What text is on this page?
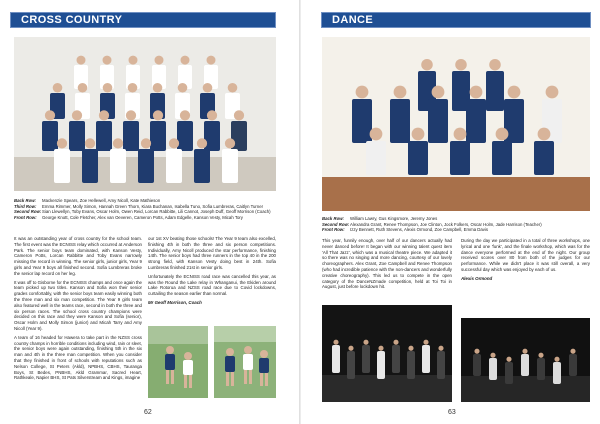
CROSS COUNTRY
Back Row:	Mackenzie Spears, Zoe Hellewell, Amy Nicoll, Kate Mathieson
Third Row:	Emma Rimmer, Molly Simon, Hannah Green Thorn, Kiara Buchanan, Isabella Tuno, Sofia Lumbreras, Caitlyn Turner
Second Row: Sian Llewellyn, Toby Evans, Oscar Holm, Owen Reid, Lorcan Rabbitte, Lili Cannot, Joseph Duff, Geoff Morrison (Coach)
Front Row:	George Knott, Cole Fletcher, Alex van Oeveren, Cameron Potts, Adam Edgelle, Kanson Vesty, Micah Tory

It was an outstanding year of cross country for the school team. The first event was the ECNISS relay which occurred at Anderson Park. The senior boys team dominated, with Kanson Vesty, Cameron Potts, Lorcan Rabbitte and Toby Evans narrowly missing the record in winning. The senior girls, junior girls, Year 9 girls and Year 9 boys all finished second. Sofia Lumbreras broke the senior lap record on her leg.

It was off to Gisborne for the ECNISS champs and once again the team picked up two titles. Kanson and Sofia won their senior grades comfortably, with the senior boys team easily winning both the three man and six man competition. The Year 9 girls team also featured well in the teams race, second in both the three and six person races. The school cross country champions were decided on this race and they were Kanson and Sofia (senior), Oscar Holm and Molly Simon (junior) and Micah Tarry and Amy Nicoll (Year 9).

A team of 16 headed for Hawera to take part in the NZSS cross country champs in horrible conditions including wind, rain or sleet, the senior boys were again outstanding, finishing 5th in the six man and 4th in the three man competition. When you consider that they finished in front of schools with reputations such as Nelson College, St Peters (Akld), NPBHS, CBHS, Tauranga Boys, St Bedes, PNBHS, Akld Grammar, Sacred Heart, Rathkeale, Napier BHS, St Pats Silverstream and Kings, imagine

our 1st XV beating those schools! The Year 9 team also excelled, finishing 4th in both the three and six person competitions. Individually, Amy Nicoll produced the star performance, finishing 14th. The senior boys had three runners in the top 40 in the 200 strong field, with Kanson Vesty doing best in 24th. Sofia Lumbreras finished 21st in senior girls.

Unfortunately the ECNISS road race was cancelled this year, as was the Round the Lake relay in Whanganui, the Ekiden around Lake Rotorua and NZSS road race due to Covid lockdowns, curtailing the season earlier than normal.

Mr Geoff Morrison, Coach
62
DANCE
Back Row:	William Lawry, Gus Kingsmore, Jeremy Jones
Second Row: Alexandra Grant, Renee Thompson, Joe Clinton, Jock Folkers, Oscar Holm, Jade Harrison (Teacher)
Front Row:	Izzy Bennett, Ruth Stevens, Alexis Ormond, Zoe Campbell, Emma Davis

This year, funnily enough, over half of our dancers actually had never danced before! It began with our winning talent quest item 'All That Jazz', which was a musical theatre piece. We adapted it so there was no singing and more dancing, courtesy of our lovely choreographers. Alex Grant, Zoe Campbell and Renee Thompson (who had incredible patience with the non-dancers and wonderfully creative choreography). This led us to compete in the open category of the DanceNZmade competition, held at Toi Toi in August, just before lockdown hit.

During the day we participated in a total of three workshops, one lyrical and one 'funk', and the finale workshop, which was for the dance everyone performed at the end of the night. Our group received scores over 80 from both of the judges for our performance. While we didn't place it was still overall, a very successful day which was enjoyed by each of us.

Alexis Ormond
63
